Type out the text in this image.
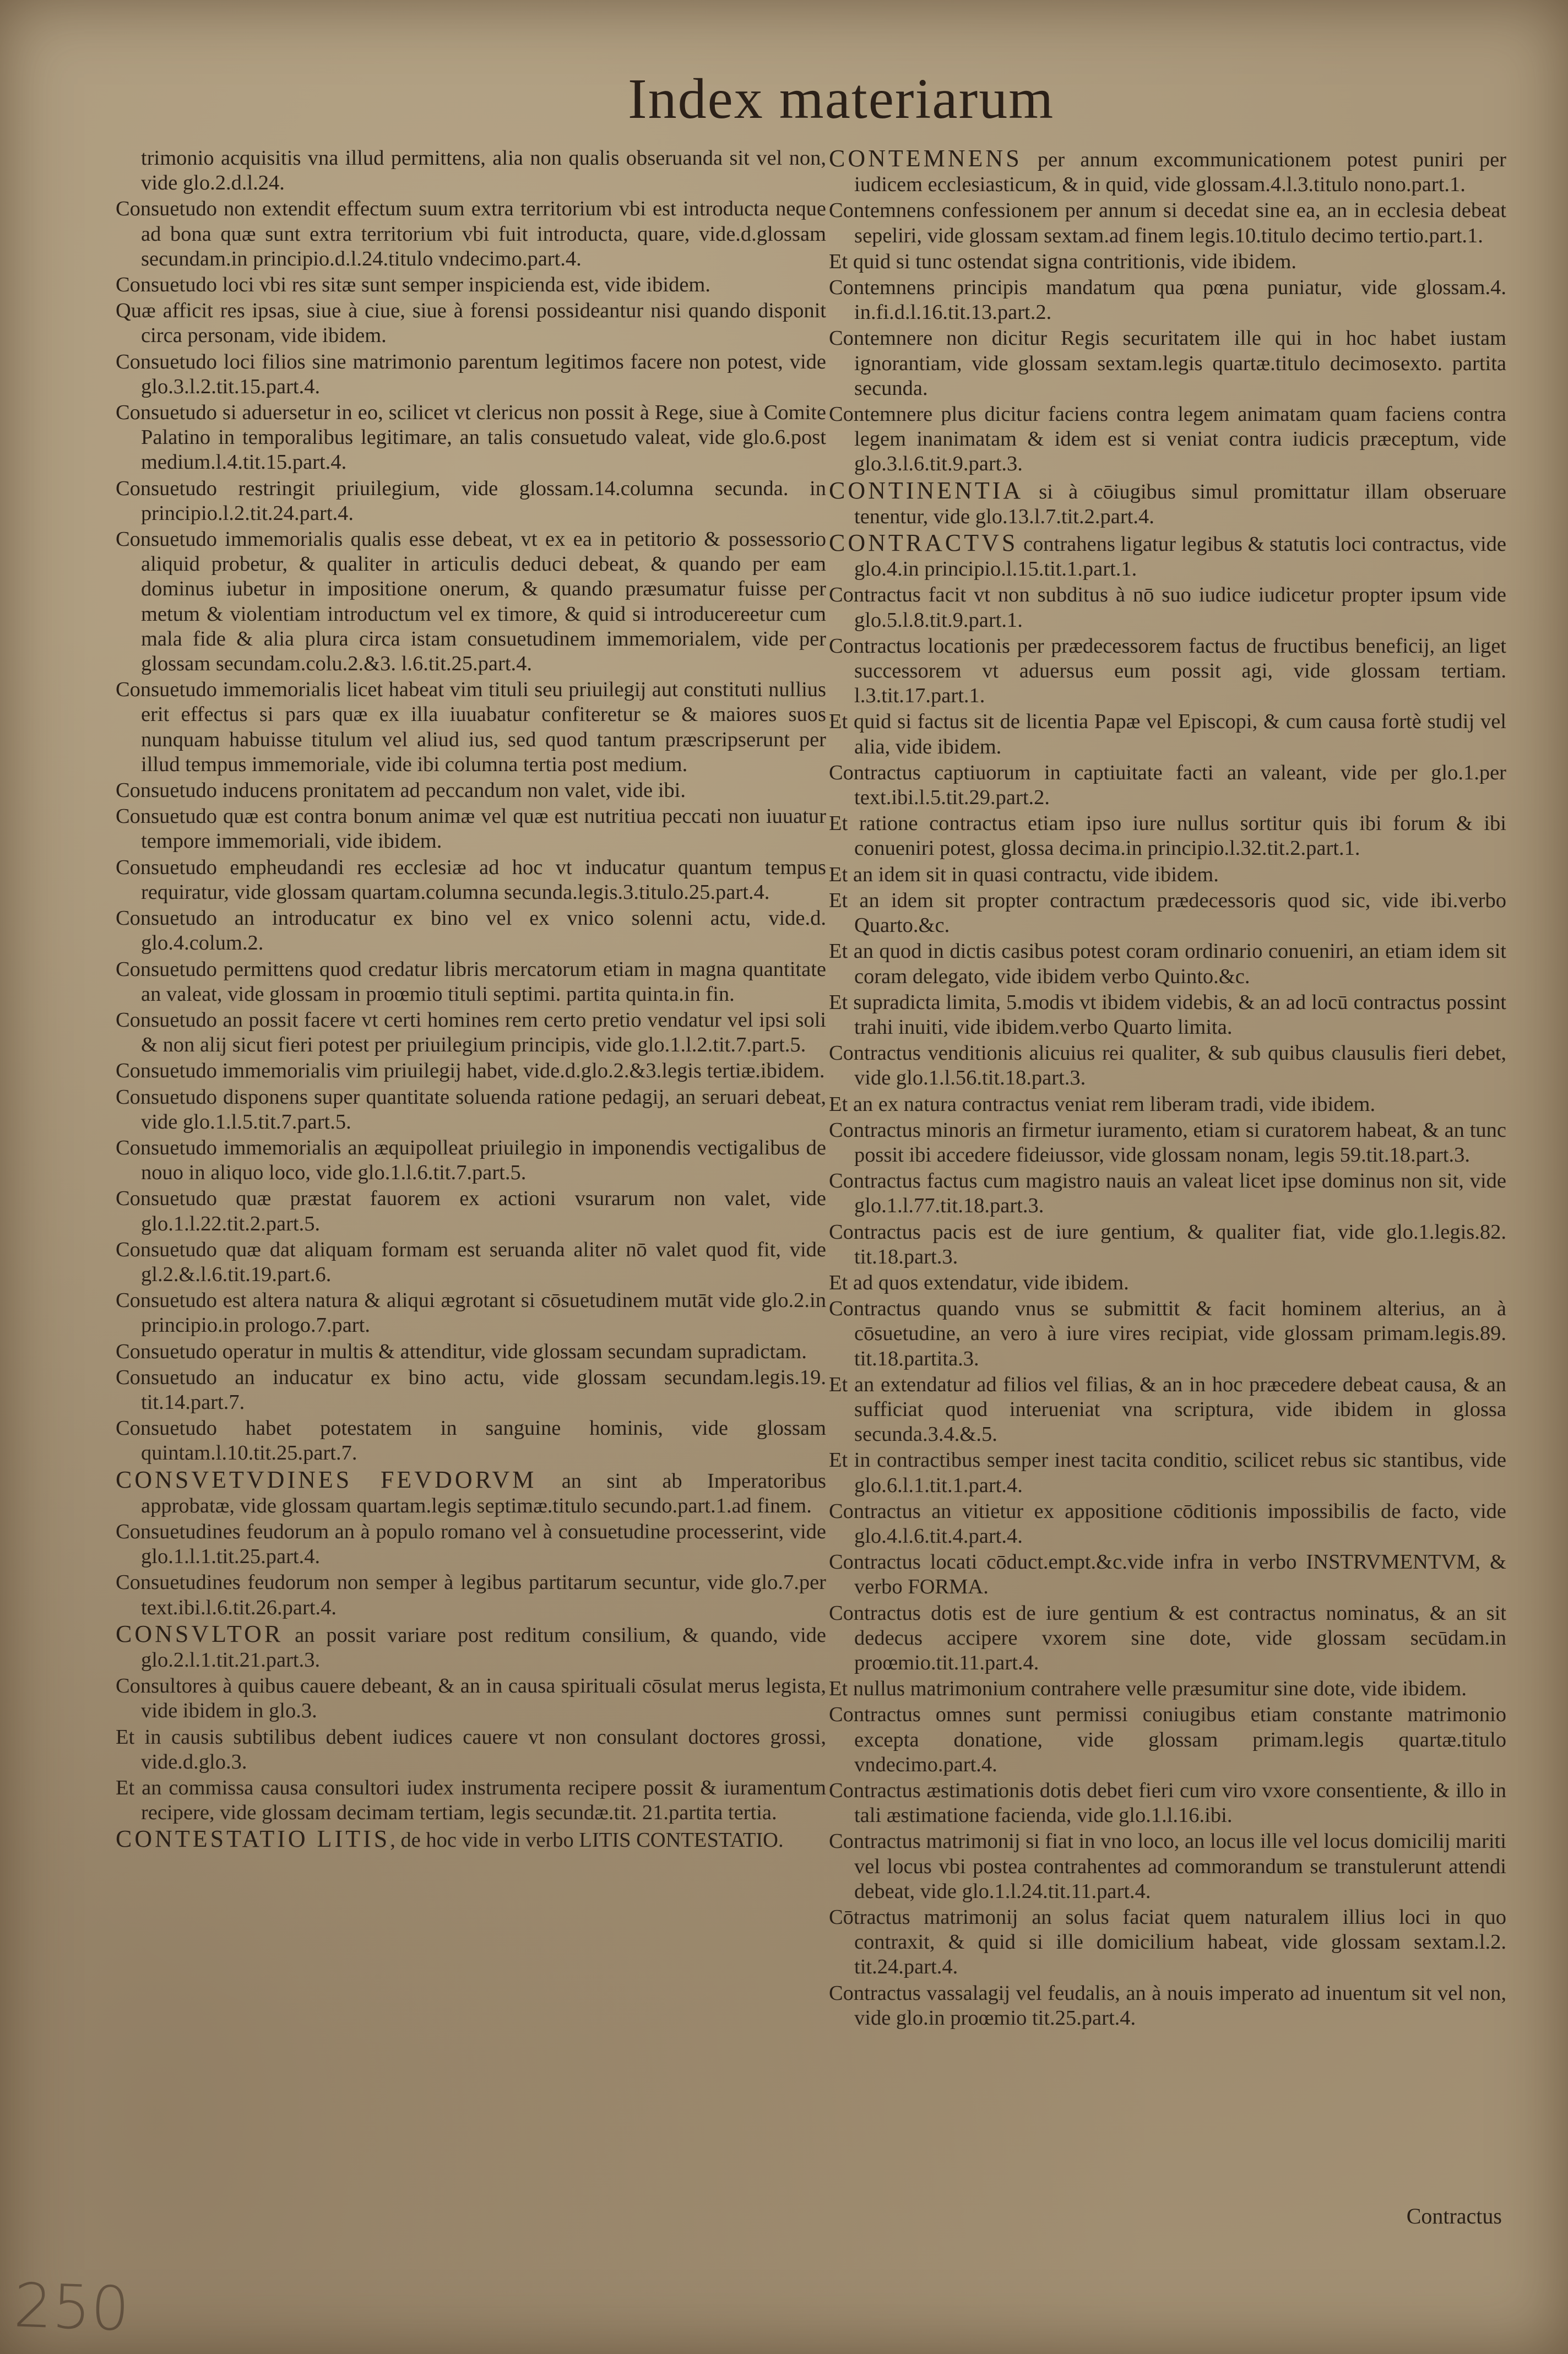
Index materiarum

trimonio acquisitis vna illud permittens, alia non qualis obseruanda sit vel non, vide glo.2.d.l.24.

Consuetudo non extendit effectum suum extra territorium vbi est introducta neque ad bona quæ sunt extra territorium vbi fuit introducta, quare, vide.d.glossam secundam.in principio.d.l.24.titulo vndecimo.part.4.

Consuetudo loci vbi res sitæ sunt semper inspicienda est, vide ibidem.

Quæ afficit res ipsas, siue à ciue, siue à forensi possideantur nisi quando disponit circa personam, vide ibidem.

Consuetudo loci filios sine matrimonio parentum legitimos facere non potest, vide glo.3.l.2.tit.15.part.4.

Consuetudo si aduersetur in eo, scilicet vt clericus non possit à Rege, siue à Comite Palatino in temporalibus legitimare, an talis consuetudo valeat, vide glo.6.post medium.l.4.tit.15.part.4.

Consuetudo restringit priuilegium, vide glossam.14.columna secunda. in principio.l.2.tit.24.part.4.

Consuetudo immemorialis qualis esse debeat, vt ex ea in petitorio & possessorio aliquid probetur, & qualiter in articulis deduci debeat, & quando per eam dominus iubetur in impositione onerum, & quando præsumatur fuisse per metum & violentiam introductum vel ex timore, & quid si introducereetur cum mala fide & alia plura circa istam consuetudinem immemorialem, vide per glossam secundam.colu.2.&3. l.6.tit.25.part.4.

Consuetudo immemorialis licet habeat vim tituli seu priuilegij aut constituti nullius erit effectus si pars quæ ex illa iuuabatur confiteretur se & maiores suos nunquam habuisse titulum vel aliud ius, sed quod tantum præscripserunt per illud tempus immemoriale, vide ibi columna tertia post medium.

Consuetudo inducens pronitatem ad peccandum non valet, vide ibi.

Consuetudo quæ est contra bonum animæ vel quæ est nutritiua peccati non iuuatur tempore immemoriali, vide ibidem.

Consuetudo empheudandi res ecclesiæ ad hoc vt inducatur quantum tempus requiratur, vide glossam quartam.columna secunda.legis.3.titulo.25.part.4.

Consuetudo an introducatur ex bino vel ex vnico solenni actu, vide.d. glo.4.colum.2.

Consuetudo permittens quod credatur libris mercatorum etiam in magna quantitate an valeat, vide glossam in proœmio tituli septimi. partita quinta.in fin.

Consuetudo an possit facere vt certi homines rem certo pretio vendatur vel ipsi soli & non alij sicut fieri potest per priuilegium principis, vide glo.1.l.2.tit.7.part.5.

Consuetudo immemorialis vim priuilegij habet, vide.d.glo.2.&3.legis tertiæ.ibidem.

Consuetudo disponens super quantitate soluenda ratione pedagij, an seruari debeat, vide glo.1.l.5.tit.7.part.5.

Consuetudo immemorialis an æquipolleat priuilegio in imponendis vectigalibus de nouo in aliquo loco, vide glo.1.l.6.tit.7.part.5.

Consuetudo quæ præstat fauorem ex actioni vsurarum non valet, vide glo.1.l.22.tit.2.part.5.

Consuetudo quæ dat aliquam formam est seruanda aliter nō valet quod fit, vide gl.2.&.l.6.tit.19.part.6.

Consuetudo est altera natura & aliqui ægrotant si cōsuetudinem mutāt vide glo.2.in principio.in prologo.7.part.

Consuetudo operatur in multis & attenditur, vide glossam secundam supradictam.

Consuetudo an inducatur ex bino actu, vide glossam secundam.legis.19. tit.14.part.7.

Consuetudo habet potestatem in sanguine hominis, vide glossam quintam.l.10.tit.25.part.7.

CONSVETVDINES FEVDORVM an sint ab Imperatoribus approbatæ, vide glossam quartam.legis septimæ.titulo secundo.part.1.ad finem.

Consuetudines feudorum an à populo romano vel à consuetudine processerint, vide glo.1.l.1.tit.25.part.4.

Consuetudines feudorum non semper à legibus partitarum secuntur, vide glo.7.per text.ibi.l.6.tit.26.part.4.

CONSVLTOR an possit variare post reditum consilium, & quando, vide glo.2.l.1.tit.21.part.3.

Consultores à quibus cauere debeant, & an in causa spirituali cōsulat merus legista, vide ibidem in glo.3.

Et in causis subtilibus debent iudices cauere vt non consulant doctores grossi, vide.d.glo.3.

Et an commissa causa consultori iudex instrumenta recipere possit & iuramentum recipere, vide glossam decimam tertiam, legis secundæ.tit. 21.partita tertia.

CONTESTATIO LITIS, de hoc vide in verbo LITIS CONTESTATIO.

CONTEMNENS per annum excommunicationem potest puniri per iudicem ecclesiasticum, & in quid, vide glossam.4.l.3.titulo nono.part.1.

Contemnens confessionem per annum si decedat sine ea, an in ecclesia debeat sepeliri, vide glossam sextam.ad finem legis.10.titulo decimo tertio.part.1.

Et quid si tunc ostendat signa contritionis, vide ibidem.

Contemnens principis mandatum qua pœna puniatur, vide glossam.4. in.fi.d.l.16.tit.13.part.2.

Contemnere non dicitur Regis securitatem ille qui in hoc habet iustam ignorantiam, vide glossam sextam.legis quartæ.titulo decimosexto. partita secunda.

Contemnere plus dicitur faciens contra legem animatam quam faciens contra legem inanimatam & idem est si veniat contra iudicis præceptum, vide glo.3.l.6.tit.9.part.3.

CONTINENTIA si à cōiugibus simul promittatur illam obseruare tenentur, vide glo.13.l.7.tit.2.part.4.

CONTRACTVS contrahens ligatur legibus & statutis loci contractus, vide glo.4.in principio.l.15.tit.1.part.1.

Contractus facit vt non subditus à nō suo iudice iudicetur propter ipsum vide glo.5.l.8.tit.9.part.1.

Contractus locationis per prædecessorem factus de fructibus beneficij, an liget successorem vt aduersus eum possit agi, vide glossam tertiam. l.3.tit.17.part.1.

Et quid si factus sit de licentia Papæ vel Episcopi, & cum causa fortè studij vel alia, vide ibidem.

Contractus captiuorum in captiuitate facti an valeant, vide per glo.1.per text.ibi.l.5.tit.29.part.2.

Et ratione contractus etiam ipso iure nullus sortitur quis ibi forum & ibi conueniri potest, glossa decima.in principio.l.32.tit.2.part.1.

Et an idem sit in quasi contractu, vide ibidem.

Et an idem sit propter contractum prædecessoris quod sic, vide ibi.verbo Quarto.&c.

Et an quod in dictis casibus potest coram ordinario conueniri, an etiam idem sit coram delegato, vide ibidem verbo Quinto.&c.

Et supradicta limita, 5.modis vt ibidem videbis, & an ad locū contractus possint trahi inuiti, vide ibidem.verbo Quarto limita.

Contractus venditionis alicuius rei qualiter, & sub quibus clausulis fieri debet, vide glo.1.l.56.tit.18.part.3.

Et an ex natura contractus veniat rem liberam tradi, vide ibidem.

Contractus minoris an firmetur iuramento, etiam si curatorem habeat, & an tunc possit ibi accedere fideiussor, vide glossam nonam, legis 59.tit.18.part.3.

Contractus factus cum magistro nauis an valeat licet ipse dominus non sit, vide glo.1.l.77.tit.18.part.3.

Contractus pacis est de iure gentium, & qualiter fiat, vide glo.1.legis.82. tit.18.part.3.

Et ad quos extendatur, vide ibidem.

Contractus quando vnus se submittit & facit hominem alterius, an à cōsuetudine, an vero à iure vires recipiat, vide glossam primam.legis.89. tit.18.partita.3.

Et an extendatur ad filios vel filias, & an in hoc præcedere debeat causa, & an sufficiat quod interueniat vna scriptura, vide ibidem in glossa secunda.3.4.&.5.

Et in contractibus semper inest tacita conditio, scilicet rebus sic stantibus, vide glo.6.l.1.tit.1.part.4.

Contractus an vitietur ex appositione cōditionis impossibilis de facto, vide glo.4.l.6.tit.4.part.4.

Contractus locati cōduct.empt.&c.vide infra in verbo INSTRVMENTVM, & verbo FORMA.

Contractus dotis est de iure gentium & est contractus nominatus, & an sit dedecus accipere vxorem sine dote, vide glossam secūdam.in proœmio.tit.11.part.4.

Et nullus matrimonium contrahere velle præsumitur sine dote, vide ibidem.

Contractus omnes sunt permissi coniugibus etiam constante matrimonio excepta donatione, vide glossam primam.legis quartæ.titulo vndecimo.part.4.

Contractus æstimationis dotis debet fieri cum viro vxore consentiente, & illo in tali æstimatione facienda, vide glo.1.l.16.ibi.

Contractus matrimonij si fiat in vno loco, an locus ille vel locus domicilij mariti vel locus vbi postea contrahentes ad commorandum se transtulerunt attendi debeat, vide glo.1.l.24.tit.11.part.4.

Cōtractus matrimonij an solus faciat quem naturalem illius loci in quo contraxit, & quid si ille domicilium habeat, vide glossam sextam.l.2. tit.24.part.4.

Contractus vassalagij vel feudalis, an à nouis imperato ad inuentum sit vel non, vide glo.in proœmio tit.25.part.4.

Contractus
250
